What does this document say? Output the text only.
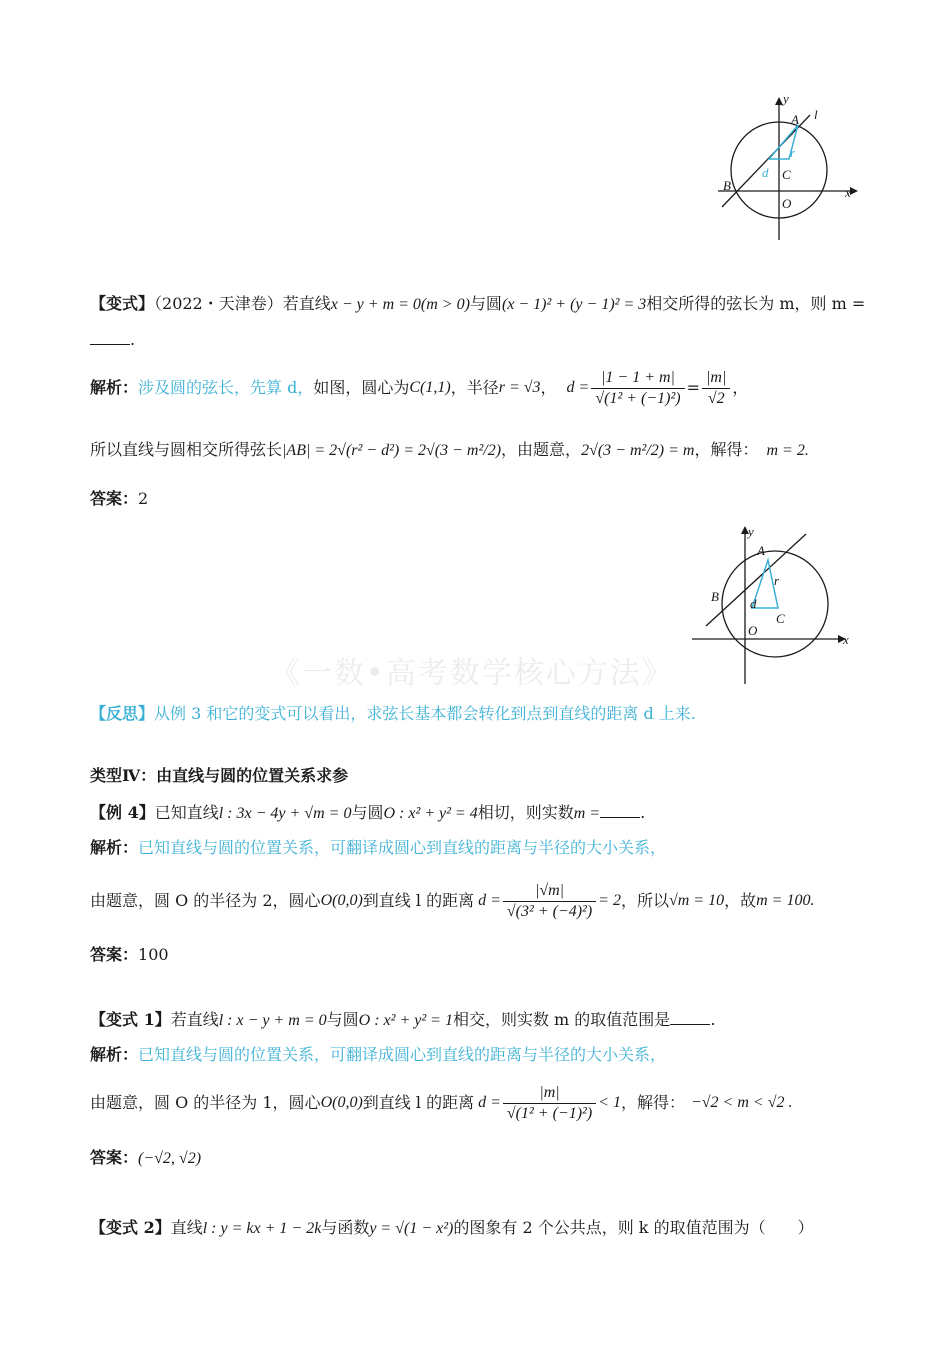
y
l
A
r
C
d
B
O
x
【变式】（2022・天津卷）若直线x − y + m = 0(m > 0)与圆(x − 1)² + (y − 1)² = 3相交所得的弦长为 m，则 m =
.
解析： 涉及圆的弦长，先算 d， 如图，圆心为 C(1,1) ，半径 r = √3 ， $d = \frac{|1 - 1 + m|}{\text{√(1² + (−1)²)}} = \frac{|m|}{√2}$ ，
所以直线与圆相交所得弦长|AB| = 2√(r² − d²) = 2√(3 − m²/2)，由题意，2√(3 − m²/2) = m，解得： m = 2.
答案：2
y
A
r
B d
C
O
x
《一数•高考数学核心方法》
【反思】从例 3 和它的变式可以看出，求弦长基本都会转化到点到直线的距离 d 上来.
类型Ⅳ：由直线与圆的位置关系求参
【例 4】已知直线l : 3x − 4y + √m = 0与圆O : x² + y² = 4相切，则实数m =	.
解析：已知直线与圆的位置关系，可翻译成圆心到直线的距离与半径的大小关系，
由题意，圆 O 的半径为 2，圆心 O(0,0) 到直线 l 的距离 $d = \frac{|√m|}{\text{√(3² + (−4)²)}} = 2$ ，所以 √m = 10 ，故 m = 100.
答案：100
【变式 1】若直线l : x − y + m = 0与圆O : x² + y² = 1相交，则实数 m 的取值范围是	.
解析：已知直线与圆的位置关系，可翻译成圆心到直线的距离与半径的大小关系，
由题意，圆 O 的半径为 1，圆心 O(0,0) 到直线 l 的距离 $d = \frac{|m|}{\text{√(1² + (−1)²)}} < 1$ ，解得： −√2 < m < √2 .
答案：(−√2, √2)
【变式 2】直线l : y = kx + 1 − 2k与函数y = √(1 − x²)的图象有 2 个公共点，则 k 的取值范围为（　　）
